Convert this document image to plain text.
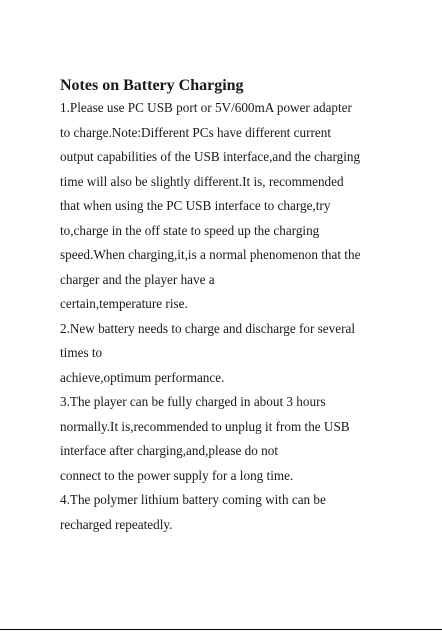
Notes on Battery Charging
1.Please use PC USB port or 5V/600mA power adapter
to charge.Note:Different PCs have different current
output capabilities of the USB interface,and the charging
time will also be slightly different.It is, recommended
that when using the PC USB interface to charge,try
to,charge in the off state to speed up the charging
speed.When charging,it,is a normal phenomenon that the
charger and the player have a
certain,temperature rise.
2.New battery needs to charge and discharge for several
times to
achieve,optimum performance.
3.The player can be fully charged in about 3 hours
normally.It is,recommended to unplug it from the USB
interface after charging,and,please do not
connect to the power supply for a long time.
4.The polymer lithium battery coming with can be
recharged repeatedly.
